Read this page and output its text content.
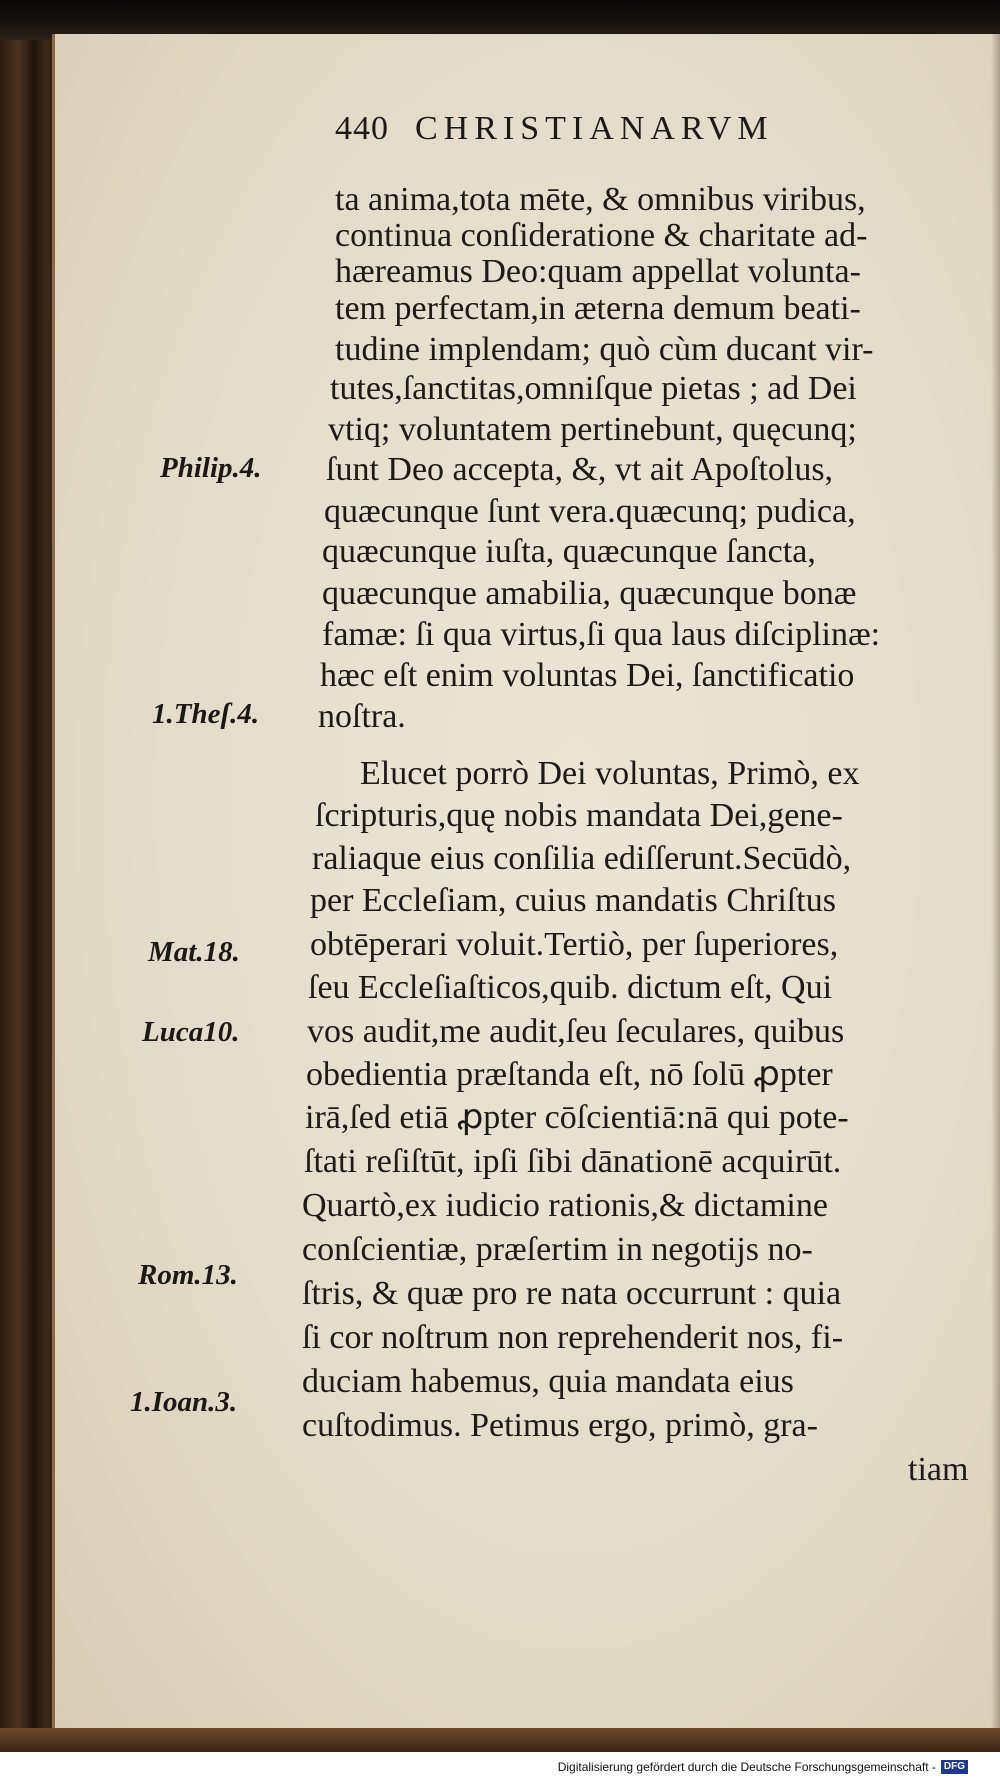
440 CHRISTIANARVM
ta anima,tota mēte, & omnibus viribus,
continua conſideratione & charitate ad-
hæreamus Deo:quam appellat volunta-
tem perfectam,in æterna demum beati-
tudine implendam; quò cùm ducant vir-
tutes,ſanctitas,omniſque pietas ; ad Dei
vtiq; voluntatem pertinebunt, quęcunq;
ſunt Deo accepta, &, vt ait Apoſtolus,
quæcunque ſunt vera.quæcunq; pudica,
quæcunque iuſta, quæcunque ſancta,
quæcunque amabilia, quæcunque bonæ
famæ: ſi qua virtus,ſi qua laus diſciplinæ:
hæc eſt enim voluntas Dei, ſanctificatio
noſtra.
Elucet porrò Dei voluntas, Primò, ex
ſcripturis,quę nobis mandata Dei,gene-
raliaque eius conſilia ediſſerunt.Secūdò,
per Eccleſiam, cuius mandatis Chriſtus
obtēperari voluit.Tertiò, per ſuperiores,
ſeu Eccleſiaſticos,quib. dictum eſt, Qui
vos audit,me audit,ſeu ſeculares, quibus
obedientia præſtanda eſt, nō ſolū ꝓpter
irā,ſed etiā ꝓpter cōſcientiā:nā qui pote-
ſtati reſiſtūt, ipſi ſibi dānationē acquirūt.
Quartò,ex iudicio rationis,& dictamine
conſcientiæ, præſertim in negotijs no-
ſtris, & quæ pro re nata occurrunt : quia
ſi cor noſtrum non reprehenderit nos, fi-
duciam habemus, quia mandata eius
cuſtodimus. Petimus ergo, primò, gra-
tiam
Philip.4.
1.Theſ.4.
Mat.18.
Luca10.
Rom.13.
1.Ioan.3.
Digitalisierung gefördert durch die Deutsche Forschungsgemeinschaft - DFG
